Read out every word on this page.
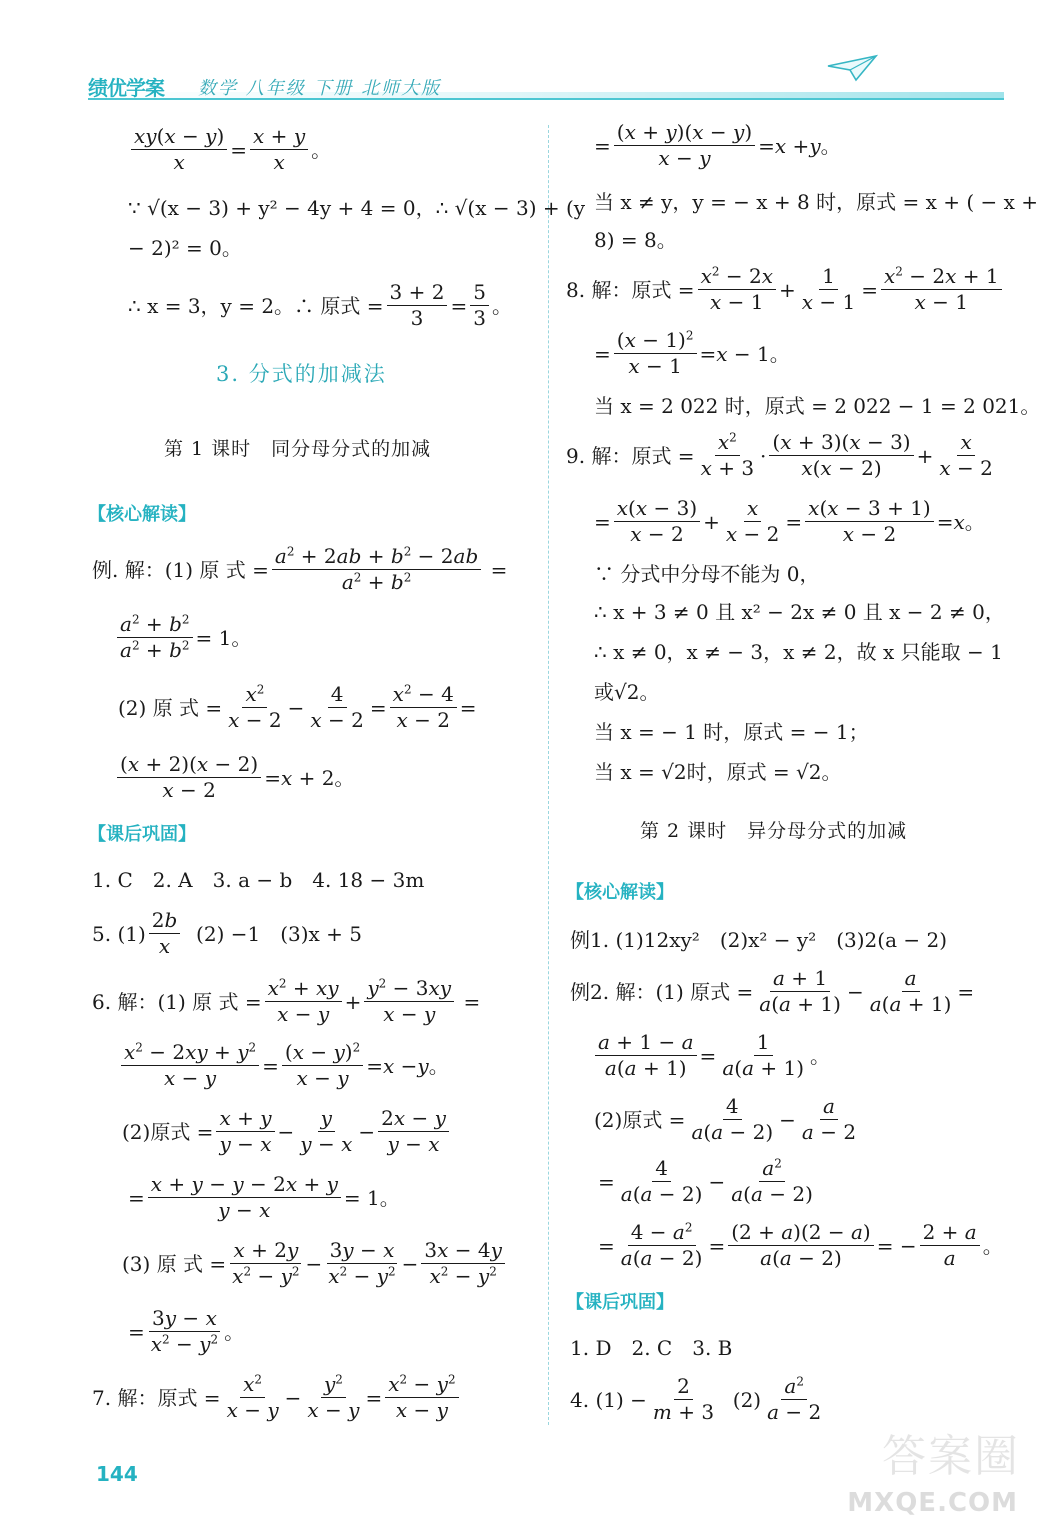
绩优学案 数学 八年级 下册 北师大版
$\frac{xy(x - y)}{x} = \frac{x + y}{x}$ 。
∵ √(x − 3) + y² − 4y + 4 = 0，∴ √(x − 3) + (y
− 2)² = 0。
∴ x = 3，y = 2。∴ 原式 = $\frac{3 + 2}{3} = \frac{5}{3}$ 。
3. 分式的加减法
第 1 课时　同分母分式的加减
【核心解读】
例. 解：(1) 原 式 = $\frac{a^2 + 2ab + b^2 - 2ab}{a^2 + b^2}$ =
$\frac{a^2 + b^2}{a^2 + b^2} = 1$。
(2) 原 式 = $\frac{x^2}{x - 2} - \frac{4}{x - 2} = \frac{x^2 - 4}{x - 2}$ =
$\frac{(x + 2)(x - 2)}{x - 2} = x + 2$。
【课后巩固】
1. C　2. A　3. a − b　4. 18 − 3m
5. $(1) \frac{2b}{x}$
(2) −1　(3)x + 5
6. 解：(1) 原 式 = $\frac{x^2 + xy}{x - y} + \frac{y^2 - 3xy}{x - y}$ =
$\frac{x^2 - 2xy + y^2}{x - y} = \frac{(x - y)^2}{x - y} = x - y$ 。
(2)原式 = $\frac{x + y}{y - x} - \frac{y}{y - x} - \frac{2x - y}{y - x}$
= $\frac{x + y - y - 2x + y}{y - x} = 1$。
(3) 原 式 = $\frac{x + 2y}{x^2 - y^2} - \frac{3y - x}{x^2 - y^2} - \frac{3x - 4y}{x^2 - y^2}$
= $\frac{3y - x}{x^2 - y^2}$ 。
7. 解：原式 = $\frac{x^2}{x - y} - \frac{y^2}{x - y} = \frac{x^2 - y^2}{x - y}$
= $\frac{(x + y)(x - y)}{x - y} = x + y$ 。
当 x ≠ y，y = − x + 8 时，原式 = x + ( − x +
8) = 8。
8. 解：原式 = $\frac{x^2 - 2x}{x - 1} + \frac{1}{x - 1} = \frac{x^2 - 2x + 1}{x - 1}$
= $\frac{(x - 1)^2}{x - 1} = x - 1$。
当 x = 2 022 时，原式 = 2 022 − 1 = 2 021。
9. 解：原式 = $\frac{x^2}{x + 3} \cdot \frac{(x + 3)(x - 3)}{x(x - 2)} + \frac{x}{x - 2}$
= $\frac{x(x - 3)}{x - 2} + \frac{x}{x - 2} = \frac{x(x - 3 + 1)}{x - 2} = x$ 。
∵ 分式中分母不能为 0，
∴ x + 3 ≠ 0 且 x² − 2x ≠ 0 且 x − 2 ≠ 0，
∴ x ≠ 0，x ≠ − 3，x ≠ 2，故 x 只能取 − 1
或√2。
当 x = − 1 时，原式 = − 1；
当 x = √2时，原式 = √2。
第 2 课时　异分母分式的加减
【核心解读】
例1. (1)12xy²　(2)x² − y²　(3)2(a − 2)
例2. 解：(1) 原式 = $\frac{a + 1}{a(a + 1)} - \frac{a}{a(a + 1)}$ =
$\frac{a + 1 - a}{a(a + 1)} = \frac{1}{a(a + 1)}$ 。
(2)原式 = $\frac{4}{a(a - 2)} - \frac{a}{a - 2}$
= $\frac{4}{a(a - 2)} - \frac{a^2}{a(a - 2)}$
= $\frac{4 - a^2}{a(a - 2)} = \frac{(2 + a)(2 - a)}{a(a - 2)}$ = − $\frac{2 + a}{a}$ 。
【课后巩固】
1. D　2. C　3. B
4. $(1) - \frac{2}{m + 3}$
$(2) \frac{a^2}{a - 2}$
144	答案圈
MXQE.COM
